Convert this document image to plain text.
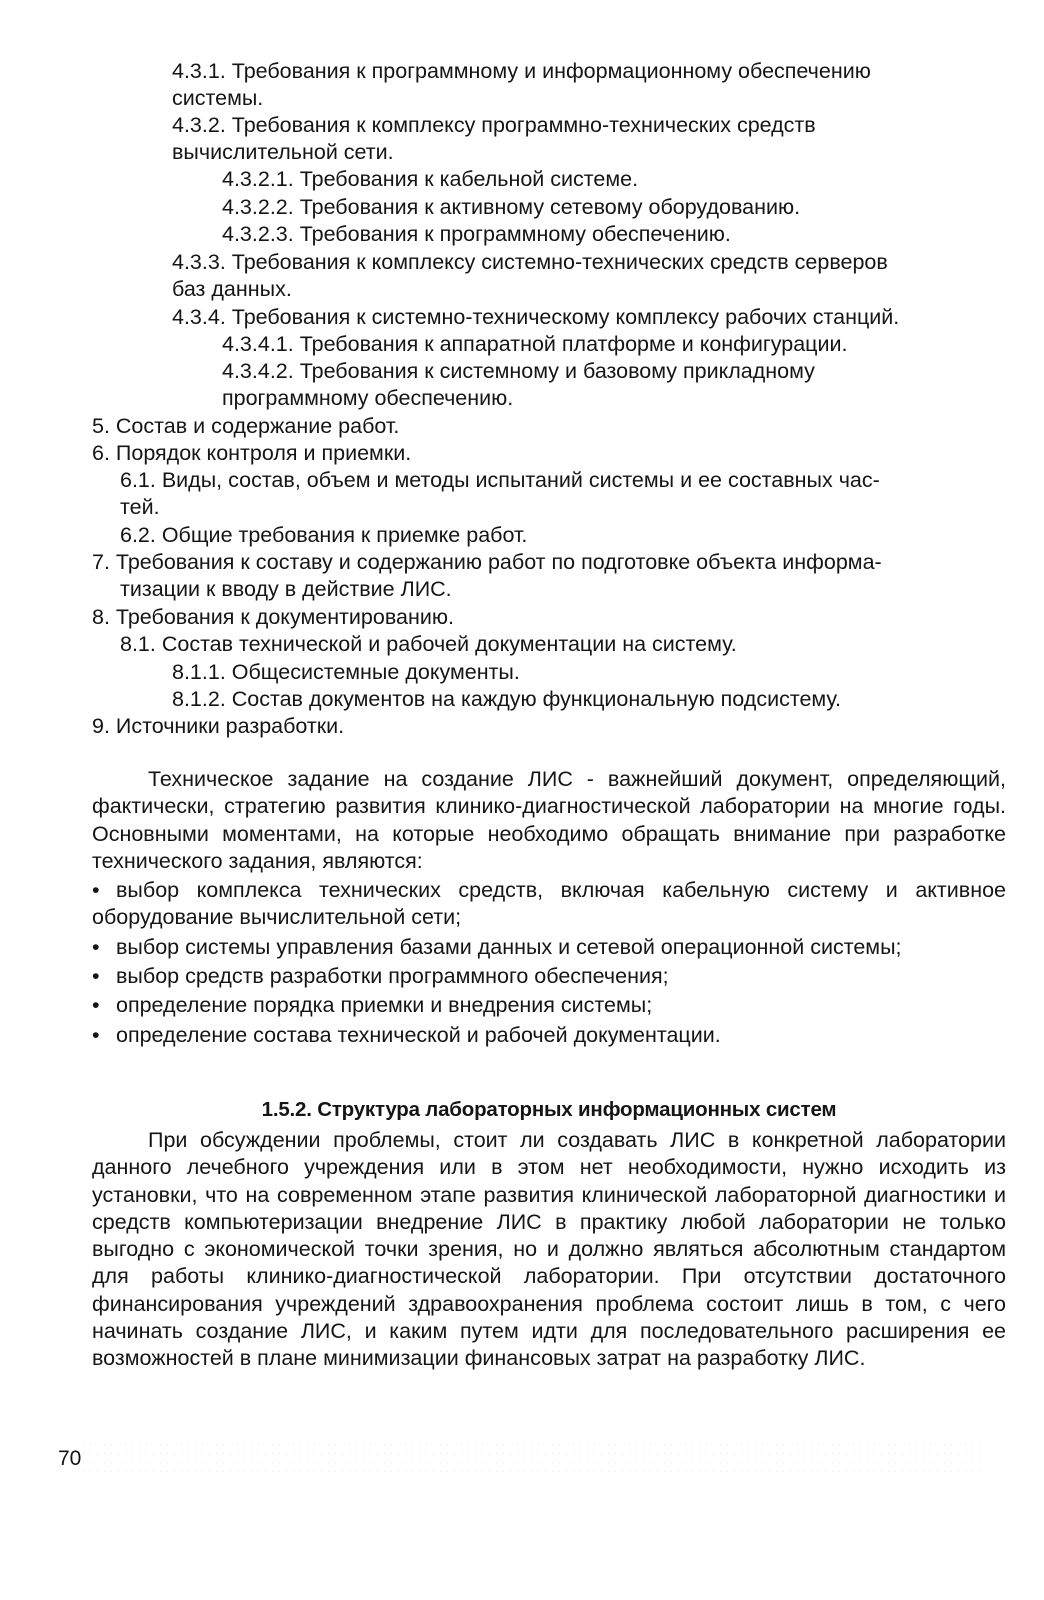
4.3.1. Требования к программному и информационному обеспечению
системы.
4.3.2. Требования к комплексу программно-технических средств
вычислительной сети.
4.3.2.1. Требования к кабельной системе.
4.3.2.2. Требования к активному сетевому оборудованию.
4.3.2.3. Требования к программному обеспечению.
4.3.3. Требования к комплексу системно-технических средств серверов
баз данных.
4.3.4. Требования к системно-техническому комплексу рабочих станций.
4.3.4.1. Требования к аппаратной платформе и конфигурации.
4.3.4.2. Требования к системному и базовому прикладному
программному обеспечению.
5. Состав и содержание работ.
6. Порядок контроля и приемки.
6.1. Виды, состав, объем и методы испытаний системы и ее составных час-
тей.
6.2. Общие требования к приемке работ.
7. Требования к составу и содержанию работ по подготовке объекта информа-
тизации к вводу в действие ЛИС.
8. Требования к документированию.
8.1. Состав технической и рабочей документации на систему.
8.1.1. Общесистемные документы.
8.1.2. Состав документов на каждую функциональную подсистему.
9. Источники разработки.

Техническое задание на создание ЛИС - важнейший документ, определяющий, фактически, стратегию развития клинико-диагностической лаборатории на многие годы. Основными моментами, на которые необходимо обращать внимание при разработке технического задания, являются:

• выбор комплекса технических средств, включая кабельную систему и активное оборудование вычислительной сети;

• выбор системы управления базами данных и сетевой операционной системы;

• выбор средств разработки программного обеспечения;

• определение порядка приемки и внедрения системы;

• определение состава технической и рабочей документации.

1.5.2. Структура лабораторных информационных систем

При обсуждении проблемы, стоит ли создавать ЛИС в конкретной лаборатории данного лечебного учреждения или в этом нет необходимости, нужно исходить из установки, что на современном этапе развития клинической лабораторной диагностики и средств компьютеризации внедрение ЛИС в практику любой лаборатории не только выгодно с экономической точки зрения, но и должно являться абсолютным стандартом для работы клинико-диагностической лаборатории. При отсутствии достаточного финансирования учреждений здравоохранения проблема состоит лишь в том, с чего начинать создание ЛИС, и каким путем идти для последовательного расширения ее возможностей в плане минимизации финансовых затрат на разработку ЛИС.

70
